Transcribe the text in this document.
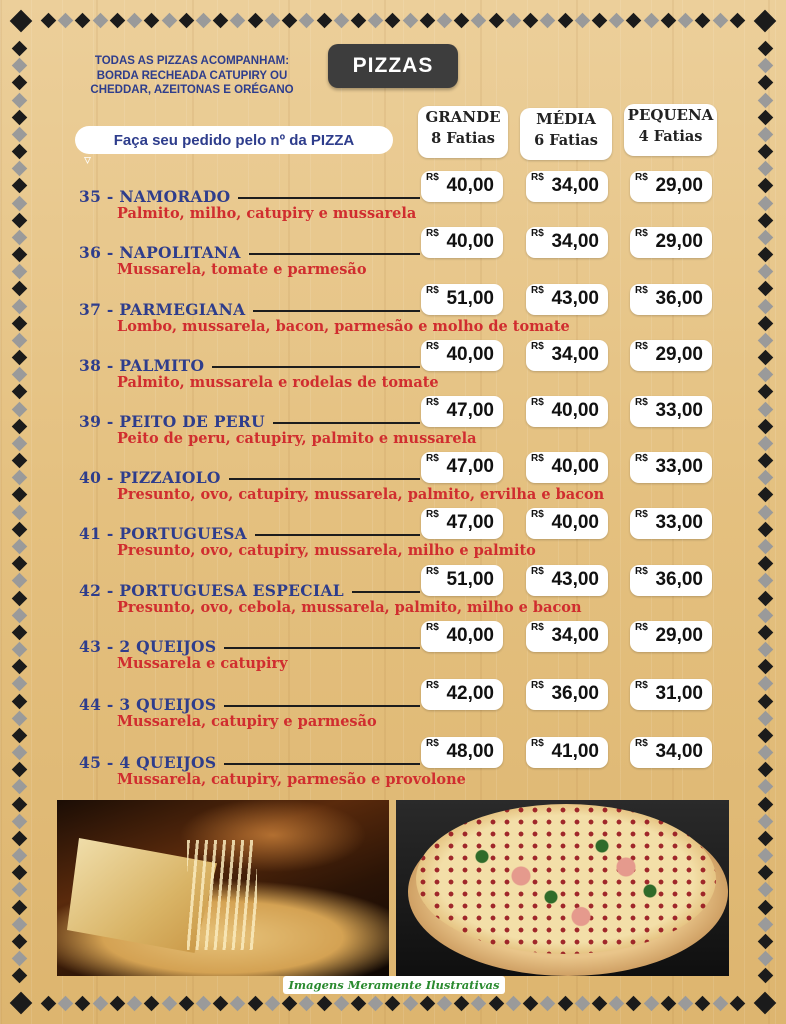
TODAS AS PIZZAS ACOMPANHAM:
BORDA RECHEADA CATUPIRY OU
CHEDDAR, AZEITONAS E ORÉGANO

PIZZAS
Faça seu pedido pelo nº da PIZZA
▿
GRANDE
8 Fatias
MÉDIA
6 Fatias
PEQUENA
4 Fatias
35 - NAMORADO
Palmito, milho, catupiry e mussarela
R$ 40,00	R$ 34,00	R$ 29,00
36 - NAPOLITANA
Mussarela, tomate e parmesão
R$ 40,00	R$ 34,00	R$ 29,00
37 - PARMEGIANA
Lombo, mussarela, bacon, parmesão e molho de tomate
R$ 51,00	R$ 43,00	R$ 36,00
38 - PALMITO
Palmito, mussarela e rodelas de tomate
R$ 40,00	R$ 34,00	R$ 29,00
39 - PEITO DE PERU
Peito de peru, catupiry, palmito e mussarela
R$ 47,00	R$ 40,00	R$ 33,00
40 - PIZZAIOLO
Presunto, ovo, catupiry, mussarela, palmito, ervilha e bacon
R$ 47,00	R$ 40,00	R$ 33,00
41 - PORTUGUESA
Presunto, ovo, catupiry, mussarela, milho e palmito
R$ 47,00	R$ 40,00	R$ 33,00
42 - PORTUGUESA ESPECIAL
Presunto, ovo, cebola, mussarela, palmito, milho e bacon
R$ 51,00	R$ 43,00	R$ 36,00
43 - 2 QUEIJOS
Mussarela e catupiry
R$ 40,00	R$ 34,00	R$ 29,00
44 - 3 QUEIJOS
Mussarela, catupiry e parmesão
R$ 42,00	R$ 36,00	R$ 31,00
45 - 4 QUEIJOS
Mussarela, catupiry, parmesão e provolone
R$ 48,00	R$ 41,00	R$ 34,00
Imagens Meramente Ilustrativas
